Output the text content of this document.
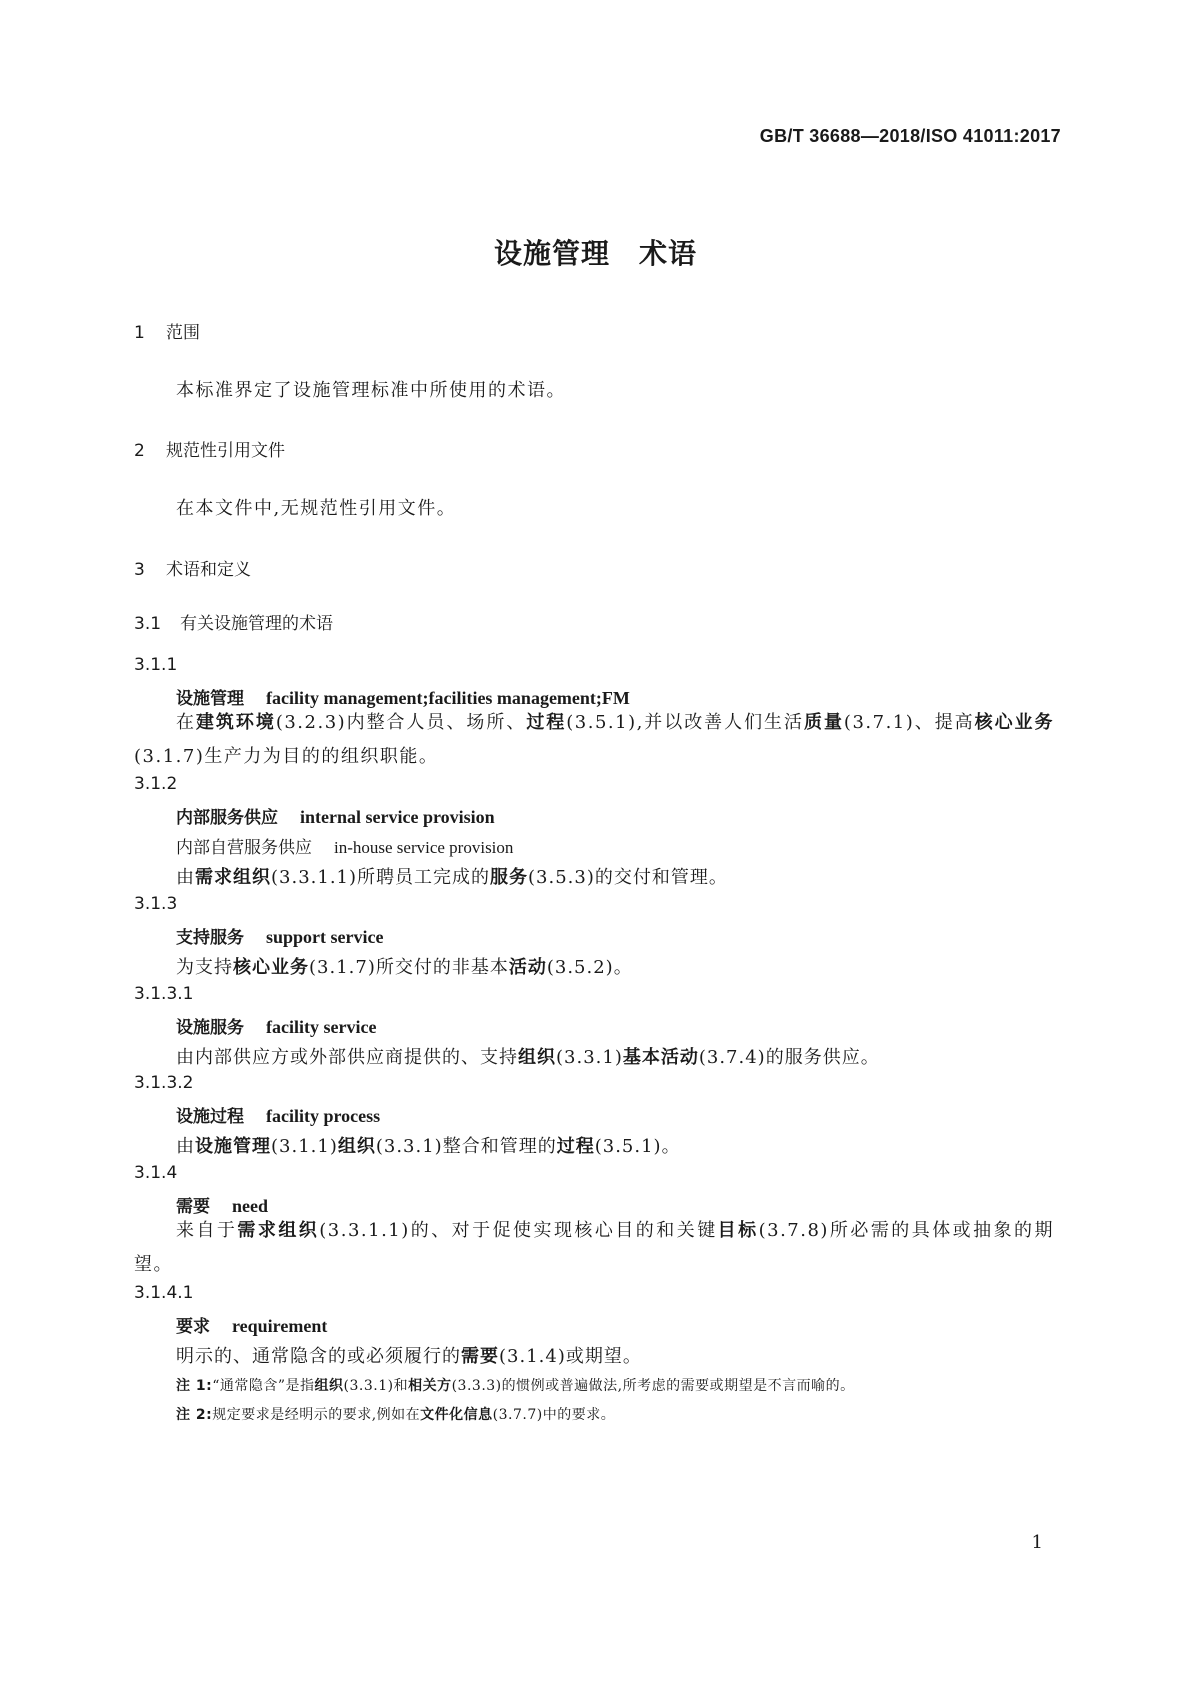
GB/T 36688—2018/ISO 41011:2017
设施管理　术语
1 范围
本标准界定了设施管理标准中所使用的术语。
2 规范性引用文件
在本文件中,无规范性引用文件。
3 术语和定义
3.1 有关设施管理的术语
3.1.1
设施管理 facility management;facilities management;FM
在建筑环境(3.2.3)内整合人员、场所、过程(3.5.1),并以改善人们生活质量(3.7.1)、提高核心业务(3.1.7)生产力为目的的组织职能。
3.1.2
内部服务供应 internal service provision
内部自营服务供应 in-house service provision
由需求组织(3.3.1.1)所聘员工完成的服务(3.5.3)的交付和管理。
3.1.3
支持服务 support service
为支持核心业务(3.1.7)所交付的非基本活动(3.5.2)。
3.1.3.1
设施服务 facility service
由内部供应方或外部供应商提供的、支持组织(3.3.1)基本活动(3.7.4)的服务供应。
3.1.3.2
设施过程 facility process
由设施管理(3.1.1)组织(3.3.1)整合和管理的过程(3.5.1)。
3.1.4
需要 need
来自于需求组织(3.3.1.1)的、对于促使实现核心目的和关键目标(3.7.8)所必需的具体或抽象的期望。
3.1.4.1
要求 requirement
明示的、通常隐含的或必须履行的需要(3.1.4)或期望。
注 1:“通常隐含”是指组织(3.3.1)和相关方(3.3.3)的惯例或普遍做法,所考虑的需要或期望是不言而喻的。
注 2:规定要求是经明示的要求,例如在文件化信息(3.7.7)中的要求。
1
